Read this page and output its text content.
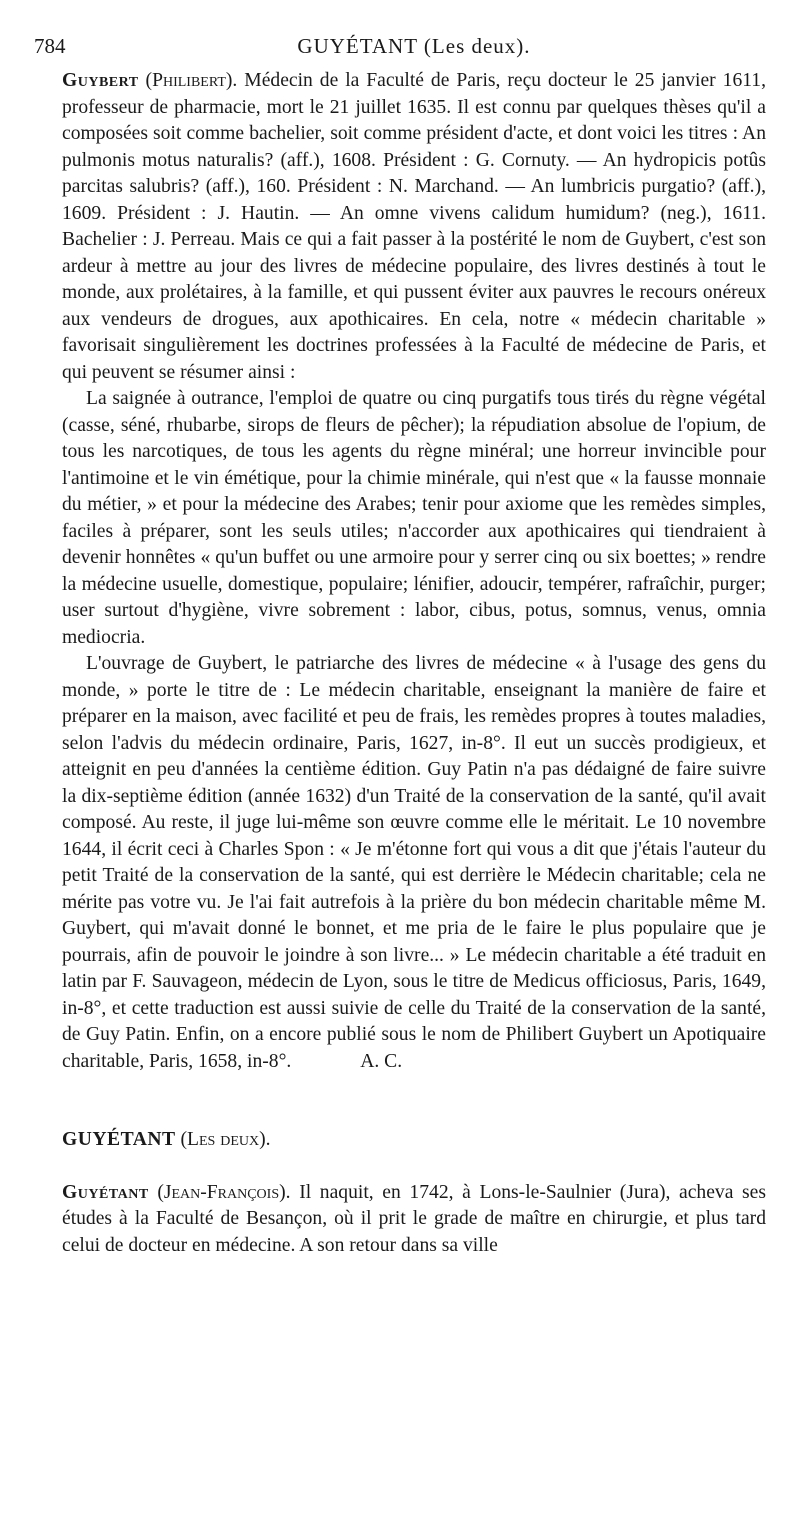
784	GUYÉTANT (Les deux).

Guybert (Philibert). Médecin de la Faculté de Paris, reçu docteur le 25 janvier 1611, professeur de pharmacie, mort le 21 juillet 1635. Il est connu par quelques thèses qu'il a composées soit comme bachelier, soit comme président d'acte, et dont voici les titres : An pulmonis motus naturalis? (aff.), 1608. Président : G. Cornuty. — An hydropicis potûs parcitas salubris? (aff.), 160. Président : N. Marchand. — An lumbricis purgatio? (aff.), 1609. Président : J. Hautin. — An omne vivens calidum humidum? (neg.), 1611. Bachelier : J. Perreau. Mais ce qui a fait passer à la postérité le nom de Guybert, c'est son ardeur à mettre au jour des livres de médecine populaire, des livres destinés à tout le monde, aux prolétaires, à la famille, et qui pussent éviter aux pauvres le recours onéreux aux vendeurs de drogues, aux apothicaires. En cela, notre « médecin charitable » favorisait singulièrement les doctrines professées à la Faculté de médecine de Paris, et qui peuvent se résumer ainsi :

La saignée à outrance, l'emploi de quatre ou cinq purgatifs tous tirés du règne végétal (casse, séné, rhubarbe, sirops de fleurs de pêcher); la répudiation absolue de l'opium, de tous les narcotiques, de tous les agents du règne minéral; une horreur invincible pour l'antimoine et le vin émétique, pour la chimie minérale, qui n'est que « la fausse monnaie du métier, » et pour la médecine des Arabes; tenir pour axiome que les remèdes simples, faciles à préparer, sont les seuls utiles; n'accorder aux apothicaires qui tiendraient à devenir honnêtes « qu'un buffet ou une armoire pour y serrer cinq ou six boettes; » rendre la médecine usuelle, domestique, populaire; lénifier, adoucir, tempérer, rafraîchir, purger; user surtout d'hygiène, vivre sobrement : labor, cibus, potus, somnus, venus, omnia mediocria.

L'ouvrage de Guybert, le patriarche des livres de médecine « à l'usage des gens du monde, » porte le titre de : Le médecin charitable, enseignant la manière de faire et préparer en la maison, avec facilité et peu de frais, les remèdes propres à toutes maladies, selon l'advis du médecin ordinaire, Paris, 1627, in-8°. Il eut un succès prodigieux, et atteignit en peu d'années la centième édition. Guy Patin n'a pas dédaigné de faire suivre la dix-septième édition (année 1632) d'un Traité de la conservation de la santé, qu'il avait composé. Au reste, il juge lui-même son œuvre comme elle le méritait. Le 10 novembre 1644, il écrit ceci à Charles Spon : « Je m'étonne fort qui vous a dit que j'étais l'auteur du petit Traité de la conservation de la santé, qui est derrière le Médecin charitable; cela ne mérite pas votre vu. Je l'ai fait autrefois à la prière du bon médecin charitable même M. Guybert, qui m'avait donné le bonnet, et me pria de le faire le plus populaire que je pourrais, afin de pouvoir le joindre à son livre... » Le médecin charitable a été traduit en latin par F. Sauvageon, médecin de Lyon, sous le titre de Medicus officiosus, Paris, 1649, in-8°, et cette traduction est aussi suivie de celle du Traité de la conservation de la santé, de Guy Patin. Enfin, on a encore publié sous le nom de Philibert Guybert un Apotiquaire charitable, Paris, 1658, in-8°.	A. C.

GUYÉTANT (Les deux).

Guyétant (Jean-François). Il naquit, en 1742, à Lons-le-Saulnier (Jura), acheva ses études à la Faculté de Besançon, où il prit le grade de maître en chirurgie, et plus tard celui de docteur en médecine. A son retour dans sa ville
